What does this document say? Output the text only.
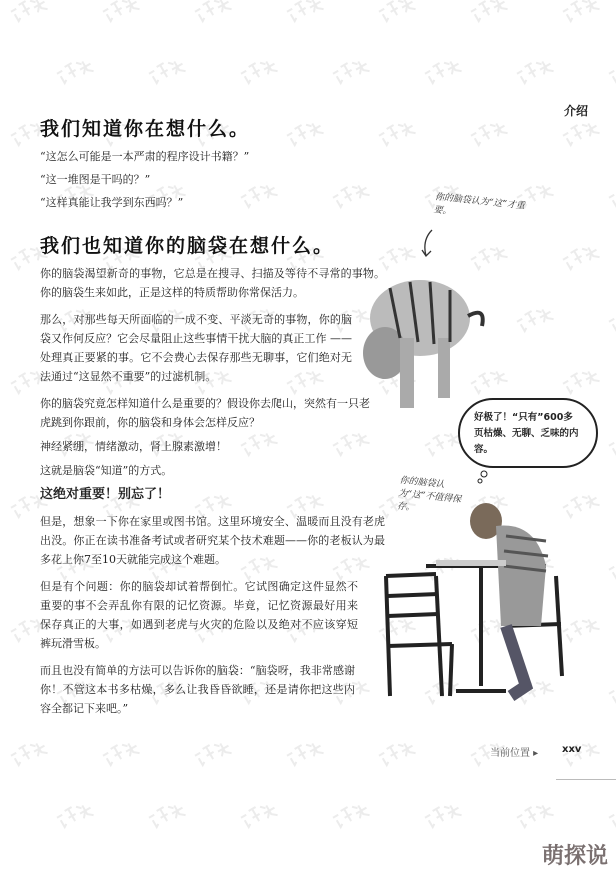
介绍
我们知道你在想什么。
“这怎么可能是一本严肃的程序设计书籍？”
“这一堆图是干吗的？”
“这样真能让我学到东西吗？”
我们也知道你的脑袋在想什么。
你的脑袋渴望新奇的事物，它总是在搜寻、扫描及等待不寻常的事物。你的脑袋生来如此，正是这样的特质帮助你常保活力。
那么，对那些每天所面临的一成不变、平淡无奇的事物，你的脑袋又作何反应？它会尽量阻止这些事情干扰大脑的真正工作 —— 处理真正要紧的事。它不会费心去保存那些无聊事，它们绝对无法通过“这显然不重要”的过滤机制。
你的脑袋究竟怎样知道什么是重要的？假设你去爬山，突然有一只老虎跳到你跟前，你的脑袋和身体会怎样反应？
神经紧绷，情绪激动，肾上腺素激增！
这就是脑袋“知道”的方式。
这绝对重要！别忘了！
但是，想象一下你在家里或图书馆。这里环境安全、温暖而且没有老虎出没。你正在读书准备考试或者研究某个技术难题——你的老板认为最多花上你7至10天就能完成这个难题。
但是有个问题：你的脑袋却试着帮倒忙。它试图确定这件显然不重要的事不会弄乱你有限的记忆资源。毕竟，记忆资源最好用来保存真正的大事，如遇到老虎与火灾的危险以及绝对不应该穿短裤玩滑雪板。
而且也没有简单的方法可以告诉你的脑袋：“脑袋呀，我非常感谢你！不管这本书多枯燥，多么让我昏昏欲睡，还是请你把这些内容全都记下来吧。”
你的脑袋认为“这”才重要。
好极了！“只有”600多页枯燥、无聊、乏味的内容。
你的脑袋认为“这”不值得保存。
当前位置 ▸ xxv
萌探说
